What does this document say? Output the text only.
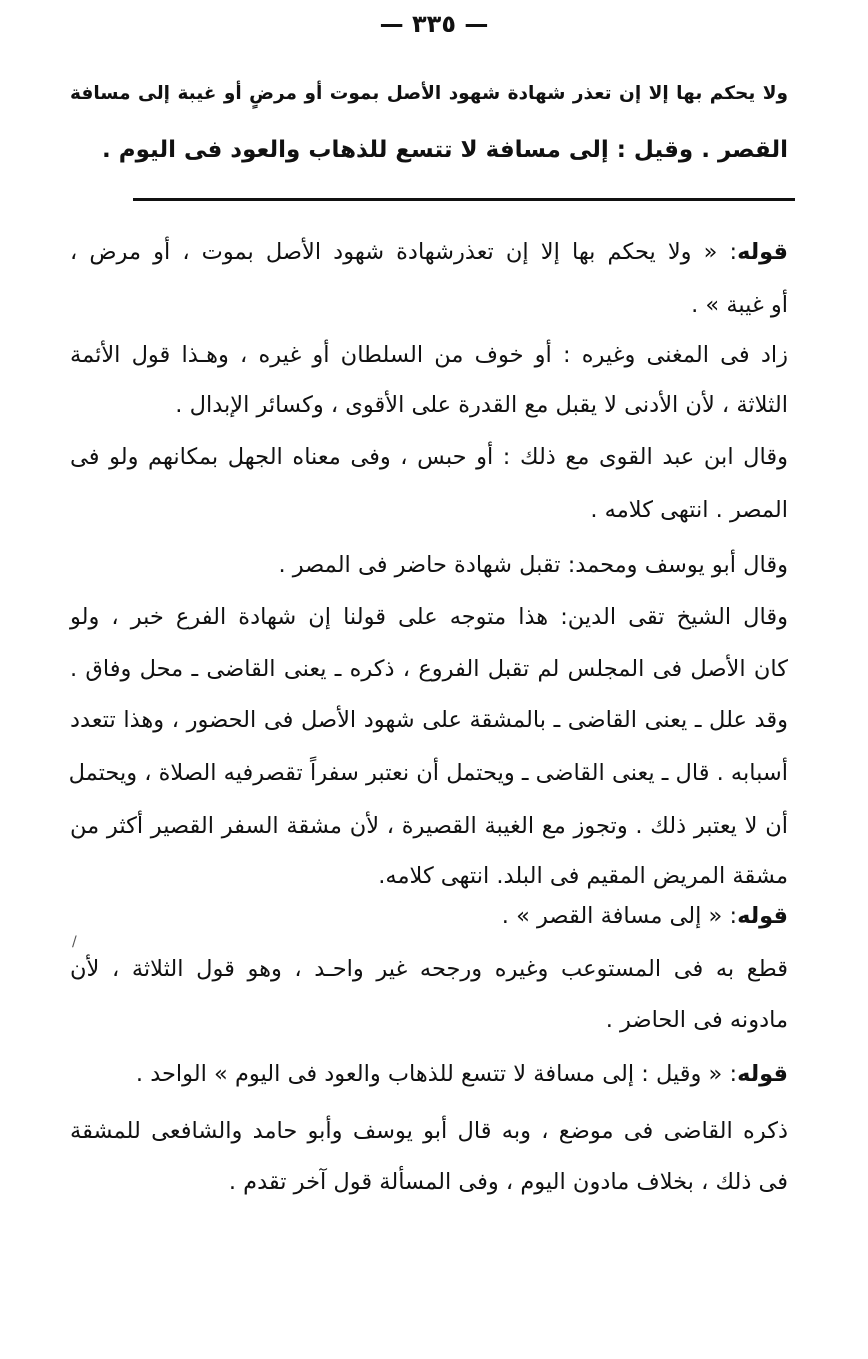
— ٣٣٥ —
ولا يحكم بها إلا إن تعذر شهادة شهود الأصل بموت أو مرضٍ أو غيبة إلى مسافة
القصر . وقيل : إلى مسافة لا تتسع للذهاب والعود فى اليوم .
قوله: « ولا يحكم بها إلا إن تعذرشهادة شهود الأصل بموت ، أو مرض ،
أو غيبة » .
زاد فى المغنى وغيره : أو خوف من السلطان أو غيره ، وهـذا قول الأئمة
الثلاثة ، لأن الأدنى لا يقبل مع القدرة على الأقوى ، وكسائر الإبدال .
وقال ابن عبد القوى مع ذلك : أو حبس ، وفى معناه الجهل بمكانهم ولو فى
المصر . انتهى كلامه .
وقال أبو يوسف ومحمد: تقبل شهادة حاضر فى المصر .
وقال الشيخ تقى الدين: هذا متوجه على قولنا إن شهادة الفرع خبر ، ولو
كان الأصل فى المجلس لم تقبل الفروع ، ذكره ـ يعنى القاضى ـ محل وفاق .
وقد علل ـ يعنى القاضى ـ بالمشقة على شهود الأصل فى الحضور ، وهذا تتعدد
أسبابه . قال ـ يعنى القاضى ـ ويحتمل أن نعتبر سفراً تقصرفيه الصلاة ، ويحتمل
أن لا يعتبر ذلك . وتجوز مع الغيبة القصيرة ، لأن مشقة السفر القصير أكثر من
مشقة المريض المقيم فى البلد. انتهى كلامه.
قوله: « إلى مسافة القصر » .
قطع به فى المستوعب وغيره ورجحه غير واحـد ، وهو قول الثلاثة ، لأن
مادونه فى الحاضر .
قوله: « وقيل : إلى مسافة لا تتسع للذهاب والعود فى اليوم » الواحد .
ذكره القاضى فى موضع ، وبه قال أبو يوسف وأبو حامد والشافعى للمشقة
فى ذلك ، بخلاف مادون اليوم ، وفى المسألة قول آخر تقدم .
/
